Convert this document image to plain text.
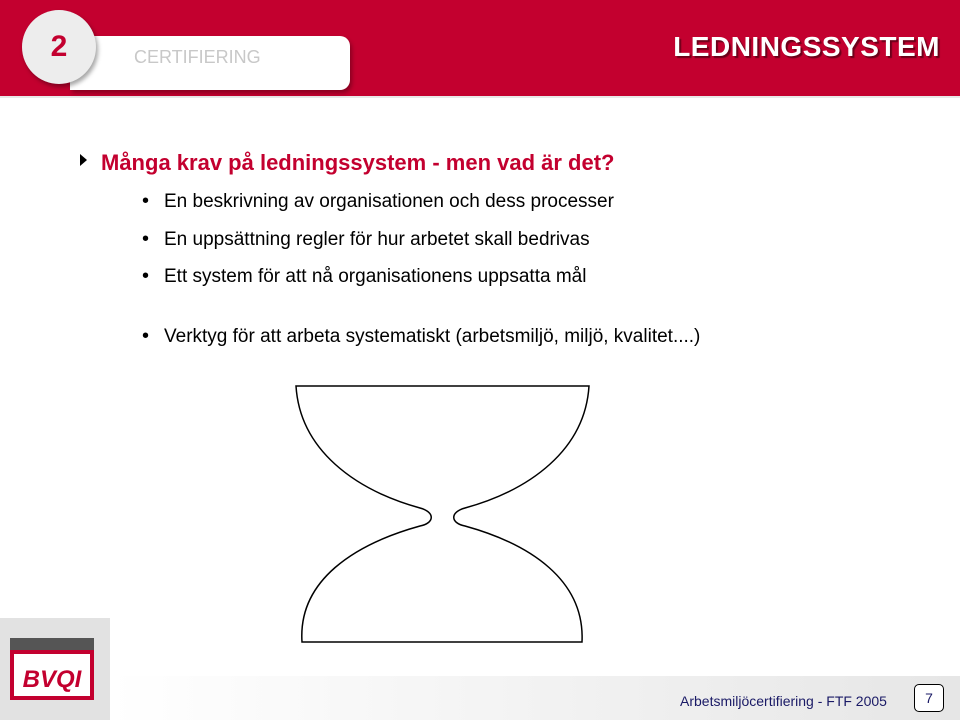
2	CERTIFIERING	LEDNINGSSYSTEM
Många krav på ledningssystem - men vad är det?
• En beskrivning av organisationen och dess processer
• En uppsättning regler för hur arbetet skall bedrivas
• Ett system för att nå organisationens uppsatta mål
• Verktyg för att arbeta systematiskt (arbetsmiljö, miljö, kvalitet....)
BVQI
Arbetsmiljöcertifiering - FTF 2005	7
